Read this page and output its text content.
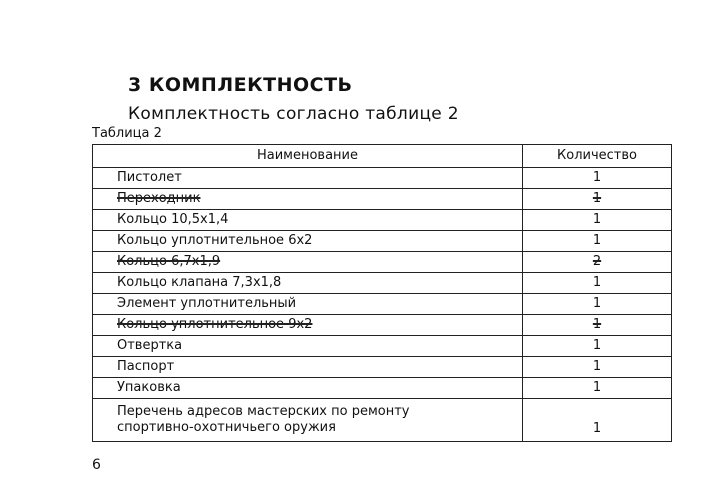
3 КОМПЛЕКТНОСТЬ
Комплектность согласно таблице 2
Таблица 2
Наименование	Количество
Пистолет	1
Переходник	1
Кольцо 10,5x1,4	1
Кольцо уплотнительное 6x2	1
Кольцо 6,7x1,9	2
Кольцо клапана 7,3x1,8	1
Элемент уплотнительный	1
Кольцо уплотнительное 9x2	1
Отвертка	1
Паспорт	1
Упаковка	1

Перечень адресов мастерских по ремонту
спортивно-охотничьего оружия	1
6
